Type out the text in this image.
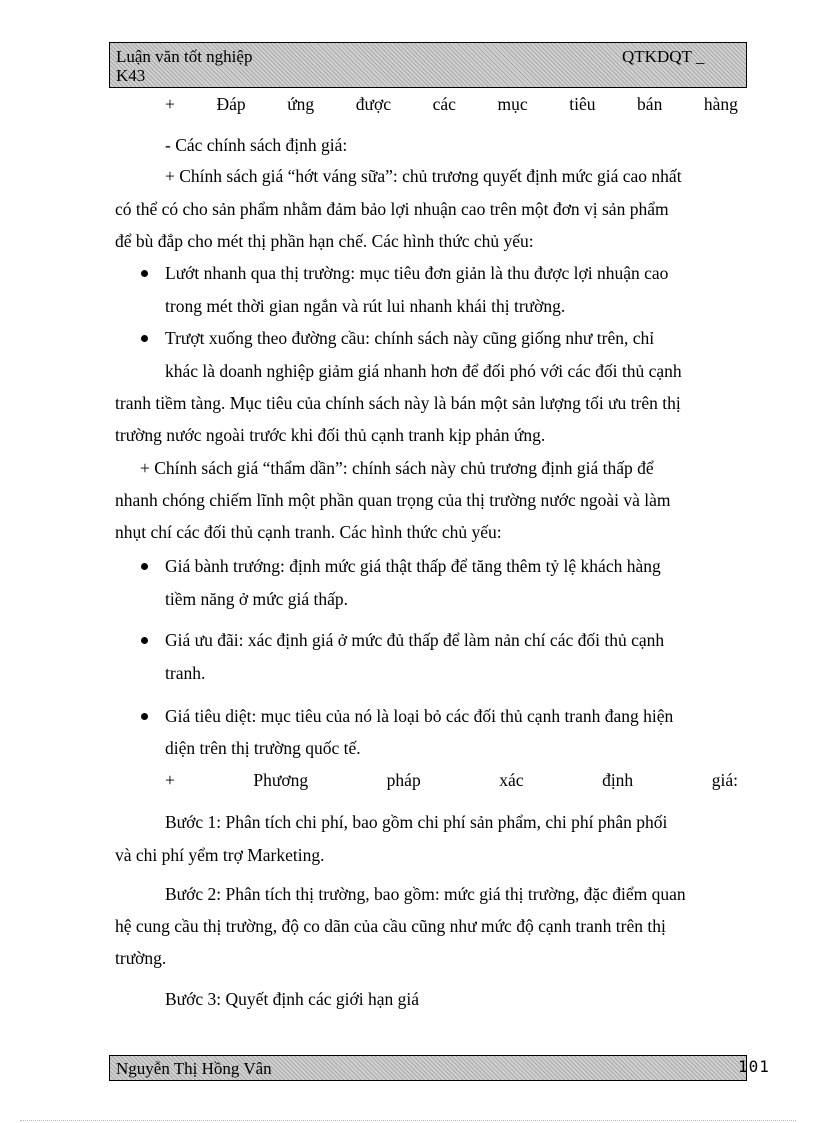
Luận văn tốt nghiệp
K43
QTKDQT _
+ Đáp ứng được các mục tiêu bán hàng
- Các chính sách định giá:
+ Chính sách giá “hớt váng sữa”: chủ trương quyết định mức giá cao nhất
có thể có cho sản phẩm nhằm đảm bảo lợi nhuận cao trên một đơn vị sản phẩm
để bù đắp cho mét thị phần hạn chế. Các hình thức chủ yếu:
Lướt nhanh qua thị trường: mục tiêu đơn giản là thu được lợi nhuận cao
trong mét thời gian ngắn và rút lui nhanh khái thị trường.
Trượt xuống theo đường cầu: chính sách này cũng giống như trên, chỉ
khác là doanh nghiệp giảm giá nhanh hơn để đối phó với các đối thủ cạnh
tranh tiềm tàng. Mục tiêu của chính sách này là bán một sản lượng tối ưu trên thị
trường nước ngoài trước khi đối thủ cạnh tranh kịp phản ứng.
+ Chính sách giá “thẩm dần”: chính sách này chủ trương định giá thấp để
nhanh chóng chiếm lĩnh một phần quan trọng của thị trường nước ngoài và làm
nhụt chí các đối thủ cạnh tranh. Các hình thức chủ yếu:
Giá bành trướng: định mức giá thật thấp để tăng thêm tỷ lệ khách hàng
tiềm năng ở mức giá thấp.
Giá ưu đãi: xác định giá ở mức đủ thấp để làm nản chí các đối thủ cạnh
tranh.
Giá tiêu diệt: mục tiêu của nó là loại bỏ các đối thủ cạnh tranh đang hiện
diện trên thị trường quốc tế.
+	Phương	pháp	xác	định	giá:
Bước 1: Phân tích chi phí, bao gồm chi phí sản phẩm, chi phí phân phối
và chi phí yểm trợ Marketing.
Bước 2: Phân tích thị trường, bao gồm: mức giá thị trường, đặc điểm quan
hệ cung cầu thị trường, độ co dãn của cầu cũng như mức độ cạnh tranh trên thị
trường.
Bước 3: Quyết định các giới hạn giá
Nguyễn Thị Hồng Vân	101
